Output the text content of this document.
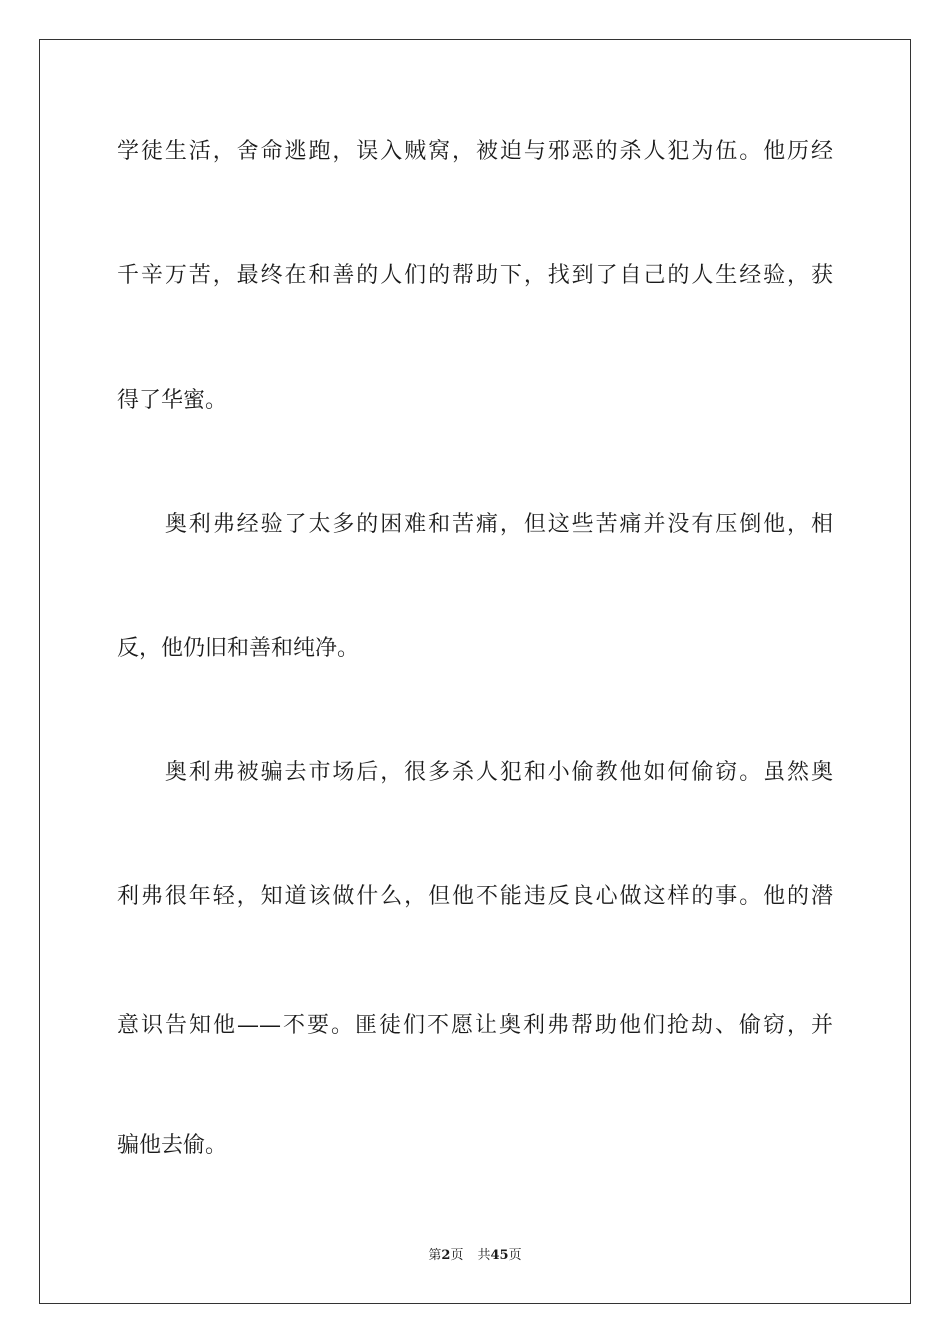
学徒生活，舍命逃跑，误入贼窝，被迫与邪恶的杀人犯为伍。他历经
千辛万苦，最终在和善的人们的帮助下，找到了自己的人生经验，获
得了华蜜。
　　奥利弗经验了太多的困难和苦痛，但这些苦痛并没有压倒他，相
反，他仍旧和善和纯净。
　　奥利弗被骗去市场后，很多杀人犯和小偷教他如何偷窃。虽然奥
利弗很年轻，知道该做什么，但他不能违反良心做这样的事。他的潜
意识告知他——不要。匪徒们不愿让奥利弗帮助他们抢劫、偷窃，并
骗他去偷。
第2页 共45页
